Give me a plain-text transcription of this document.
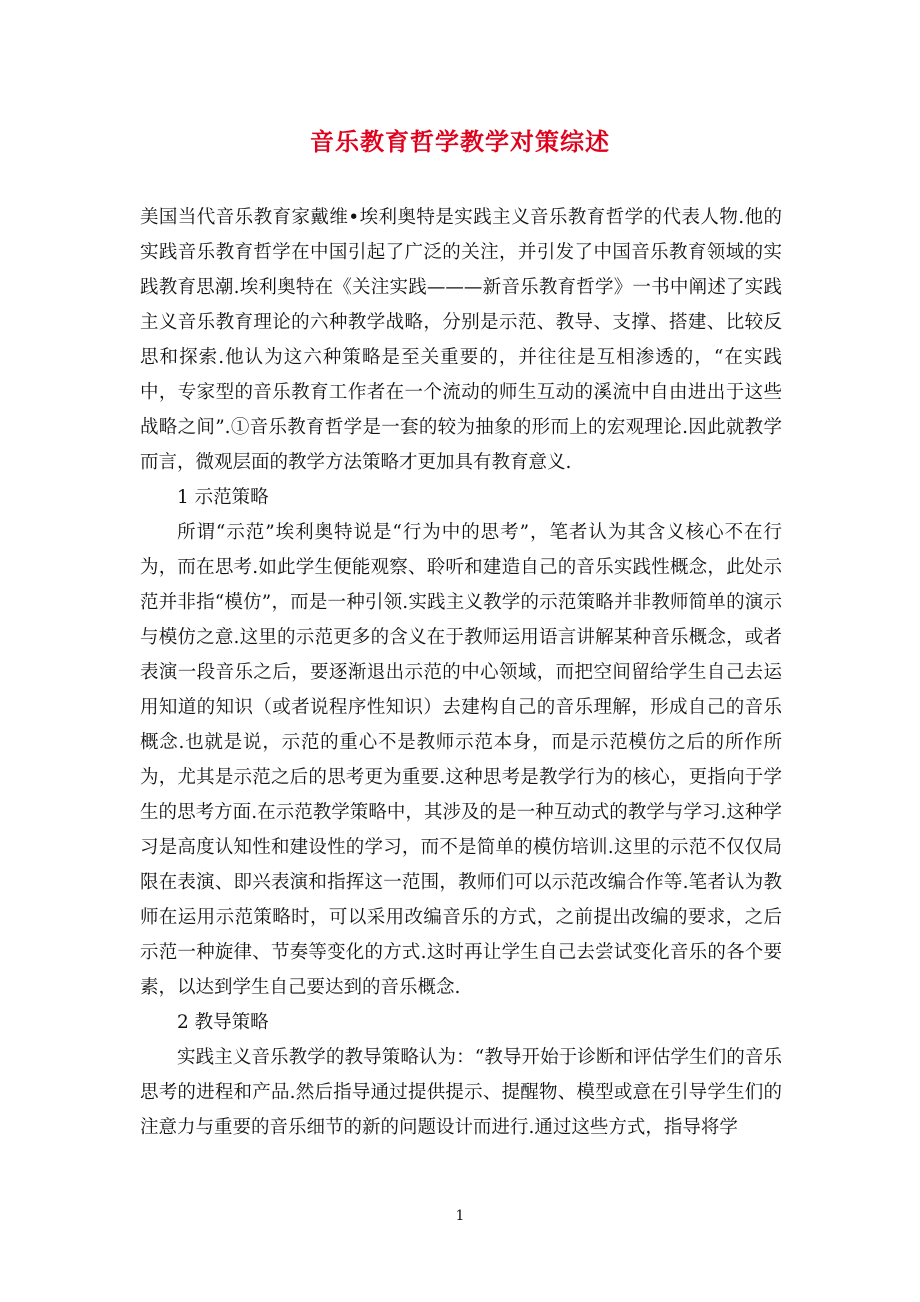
音乐教育哲学教学对策综述

美国当代音乐教育家戴维•埃利奥特是实践主义音乐教育哲学的代表人物.他的实践音乐教育哲学在中国引起了广泛的关注，并引发了中国音乐教育领域的实践教育思潮.埃利奥特在《关注实践———新音乐教育哲学》一书中阐述了实践主义音乐教育理论的六种教学战略，分别是示范、教导、支撑、搭建、比较反思和探索.他认为这六种策略是至关重要的，并往往是互相渗透的，“在实践中，专家型的音乐教育工作者在一个流动的师生互动的溪流中自由进出于这些战略之间”.①音乐教育哲学是一套的较为抽象的形而上的宏观理论.因此就教学而言，微观层面的教学方法策略才更加具有教育意义.

1 示范策略

所谓“示范”埃利奥特说是“行为中的思考”，笔者认为其含义核心不在行为，而在思考.如此学生便能观察、聆听和建造自己的音乐实践性概念，此处示范并非指“模仿”，而是一种引领.实践主义教学的示范策略并非教师简单的演示与模仿之意.这里的示范更多的含义在于教师运用语言讲解某种音乐概念，或者表演一段音乐之后，要逐渐退出示范的中心领域，而把空间留给学生自己去运用知道的知识（或者说程序性知识）去建构自己的音乐理解，形成自己的音乐概念.也就是说，示范的重心不是教师示范本身，而是示范模仿之后的所作所为，尤其是示范之后的思考更为重要.这种思考是教学行为的核心，更指向于学生的思考方面.在示范教学策略中，其涉及的是一种互动式的教学与学习.这种学习是高度认知性和建设性的学习，而不是简单的模仿培训.这里的示范不仅仅局限在表演、即兴表演和指挥这一范围，教师们可以示范改编合作等.笔者认为教师在运用示范策略时，可以采用改编音乐的方式，之前提出改编的要求，之后示范一种旋律、节奏等变化的方式.这时再让学生自己去尝试变化音乐的各个要素，以达到学生自己要达到的音乐概念.

2 教导策略

实践主义音乐教学的教导策略认为：“教导开始于诊断和评估学生们的音乐思考的进程和产品.然后指导通过提供提示、提醒物、模型或意在引导学生们的注意力与重要的音乐细节的新的问题设计而进行.通过这些方式，指导将学

1
